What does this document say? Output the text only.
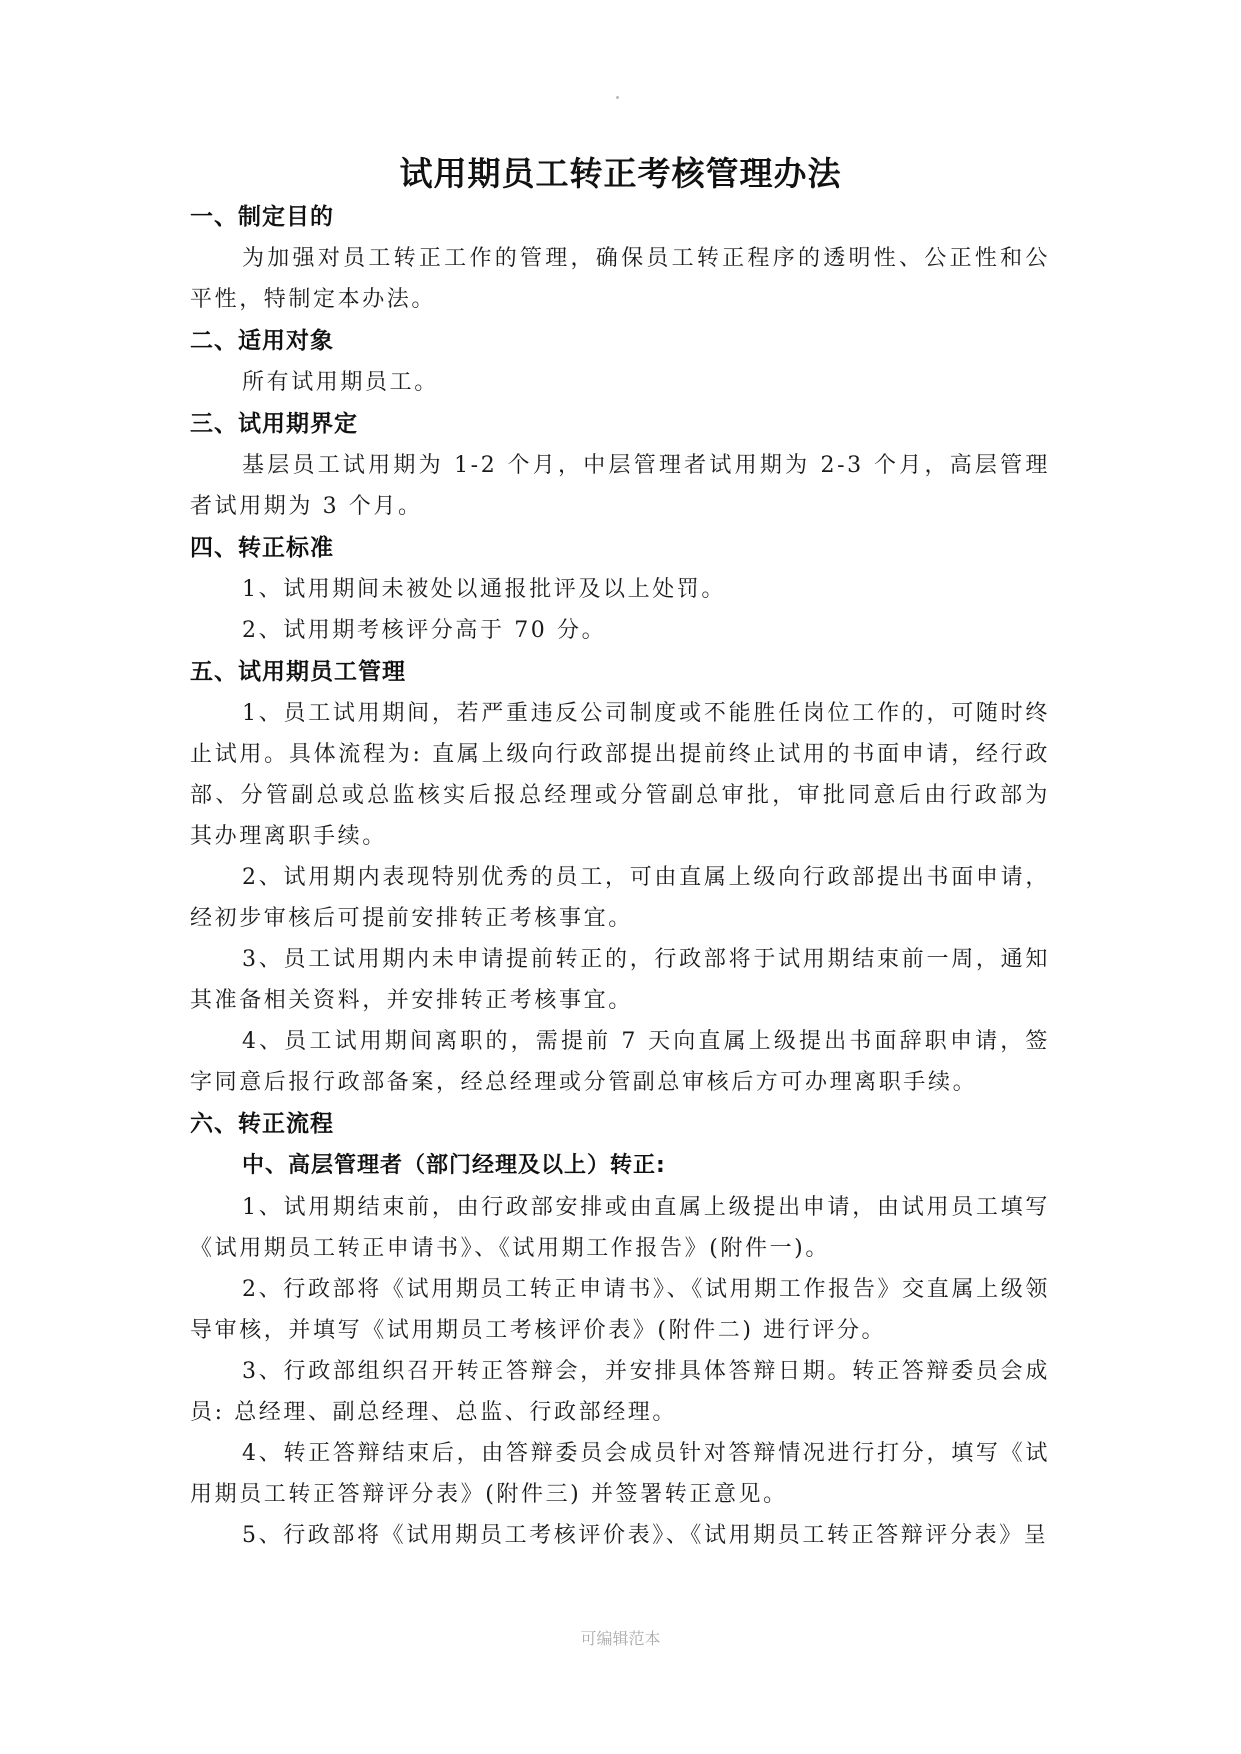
试用期员工转正考核管理办法
一、制定目的
为加强对员工转正工作的管理，确保员工转正程序的透明性、公正性和公平性，特制定本办法。
二、适用对象
所有试用期员工。
三、试用期界定
基层员工试用期为 1-2 个月，中层管理者试用期为 2-3 个月，高层管理者试用期为 3 个月。
四、转正标准
1、试用期间未被处以通报批评及以上处罚。
2、试用期考核评分高于 70 分。
五、试用期员工管理
1、员工试用期间，若严重违反公司制度或不能胜任岗位工作的，可随时终止试用。具体流程为: 直属上级向行政部提出提前终止试用的书面申请，经行政部、分管副总或总监核实后报总经理或分管副总审批，审批同意后由行政部为其办理离职手续。
2、试用期内表现特别优秀的员工，可由直属上级向行政部提出书面申请，经初步审核后可提前安排转正考核事宜。
3、员工试用期内未申请提前转正的，行政部将于试用期结束前一周，通知其准备相关资料，并安排转正考核事宜。
4、员工试用期间离职的，需提前 7 天向直属上级提出书面辞职申请，签字同意后报行政部备案，经总经理或分管副总审核后方可办理离职手续。
六、转正流程
中、高层管理者（部门经理及以上）转正:
1、试用期结束前，由行政部安排或由直属上级提出申请，由试用员工填写《试用期员工转正申请书》、《试用期工作报告》(附件一)。
2、行政部将《试用期员工转正申请书》、《试用期工作报告》交直属上级领导审核，并填写《试用期员工考核评价表》(附件二) 进行评分。
3、行政部组织召开转正答辩会，并安排具体答辩日期。转正答辩委员会成员: 总经理、副总经理、总监、行政部经理。
4、转正答辩结束后，由答辩委员会成员针对答辩情况进行打分，填写《试用期员工转正答辩评分表》(附件三) 并签署转正意见。
5、行政部将《试用期员工考核评价表》、《试用期员工转正答辩评分表》呈
可编辑范本
